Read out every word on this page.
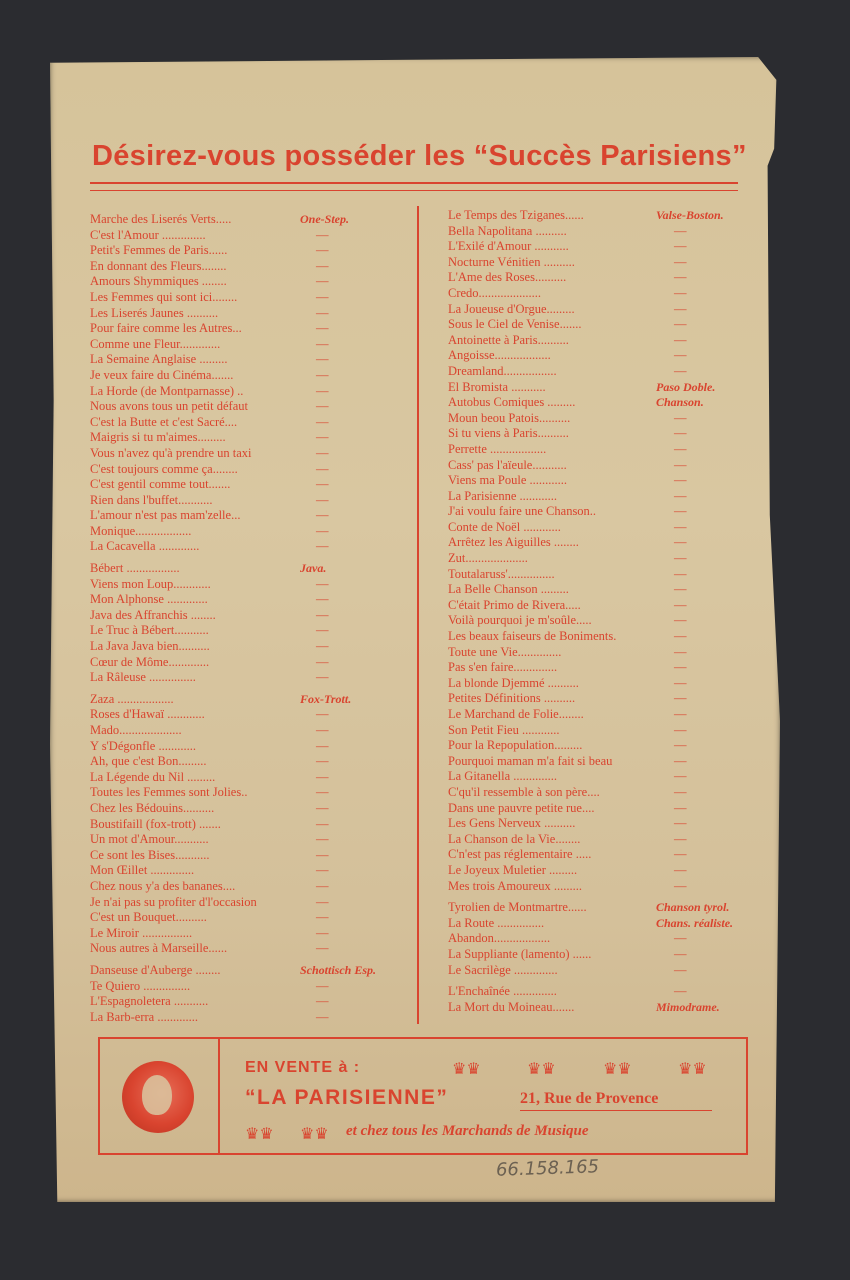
Désirez-vous posséder les “Succès Parisiens”
Marche des Liserés Verts.....	One-Step.
C'est l'Amour ..............	—
Petit's Femmes de Paris......	—
En donnant des Fleurs........	—
Amours Shymmiques ........	—
Les Femmes qui sont ici........	—
Les Liserés Jaunes ..........	—
Pour faire comme les Autres...	—
Comme une Fleur.............	—
La Semaine Anglaise .........	—
Je veux faire du Cinéma.......	—
La Horde (de Montparnasse) ..	—
Nous avons tous un petit défaut	—
C'est la Butte et c'est Sacré....	—
Maigris si tu m'aimes.........	—
Vous n'avez qu'à prendre un taxi	—
C'est toujours comme ça........	—
C'est gentil comme tout.......	—
Rien dans l'buffet...........	—
L'amour n'est pas mam'zelle...	—
Monique..................	—
La Cacavella .............	—
Bébert .................	Java.
Viens mon Loup............	—
Mon Alphonse .............	—
Java des Affranchis ........	—
Le Truc à Bébert...........	—
La Java Java bien..........	—
Cœur de Môme.............	—
La Râleuse ...............	—
Zaza ..................	Fox-Trott.
Roses d'Hawaï ............	—
Mado....................	—
Y s'Dégonfle ............	—
Ah, que c'est Bon.........	—
La Légende du Nil .........	—
Toutes les Femmes sont Jolies..	—
Chez les Bédouins..........	—
Boustifaill (fox-trott) .......	—
Un mot d'Amour...........	—
Ce sont les Bises...........	—
Mon Œillet ..............	—
Chez nous y'a des bananes....	—
Je n'ai pas su profiter d'l'occasion	—
C'est un Bouquet..........	—
Le Miroir ................	—
Nous autres à Marseille......	—
Danseuse d'Auberge ........	Schottisch Esp.
Te Quiero ...............	—
L'Espagnoletera ...........	—
La Barb-erra .............	—
Le Temps des Tziganes......	Valse-Boston.
Bella Napolitana ..........	—
L'Exilé d'Amour ...........	—
Nocturne Vénitien ..........	—
L'Ame des Roses..........	—
Credo....................	—
La Joueuse d'Orgue.........	—
Sous le Ciel de Venise.......	—
Antoinette à Paris..........	—
Angoisse..................	—
Dreamland.................	—
El Bromista ...........	Paso Doble.
Autobus Comiques .........	Chanson.
Moun beou Patois..........	—
Si tu viens à Paris..........	—
Perrette ..................	—
Cass' pas l'aïeule...........	—
Viens ma Poule ............	—
La Parisienne ............	—
J'ai voulu faire une Chanson..	—
Conte de Noël ............	—
Arrêtez les Aiguilles ........	—
Zut....................	—
Toutalaruss'...............	—
La Belle Chanson .........	—
C'était Primo de Rivera.....	—
Voilà pourquoi je m'soûle.....	—
Les beaux faiseurs de Boniments.	—
Toute une Vie..............	—
Pas s'en faire..............	—
La blonde Djemmé ..........	—
Petites Définitions ..........	—
Le Marchand de Folie........	—
Son Petit Fieu ............	—
Pour la Repopulation.........	—
Pourquoi maman m'a fait si beau	—
La Gitanella ..............	—
C'qu'il ressemble à son père....	—
Dans une pauvre petite rue....	—
Les Gens Nerveux ..........	—
La Chanson de la Vie........	—
C'n'est pas réglementaire .....	—
Le Joyeux Muletier .........	—
Mes trois Amoureux .........	—
Tyrolien de Montmartre......	Chanson tyrol.
La Route ...............	Chans. réaliste.
Abandon..................	—
La Suppliante (lamento) ......	—
Le Sacrilège ..............	—
L'Enchaînée ..............	—
La Mort du Moineau.......	Mimodrame.
EN VENTE à :	♛♛	♛♛	♛♛	♛♛
“LA PARISIENNE”	21, Rue de Provence
♛♛ ♛♛ et chez tous les Marchands de Musique
66.158.165
